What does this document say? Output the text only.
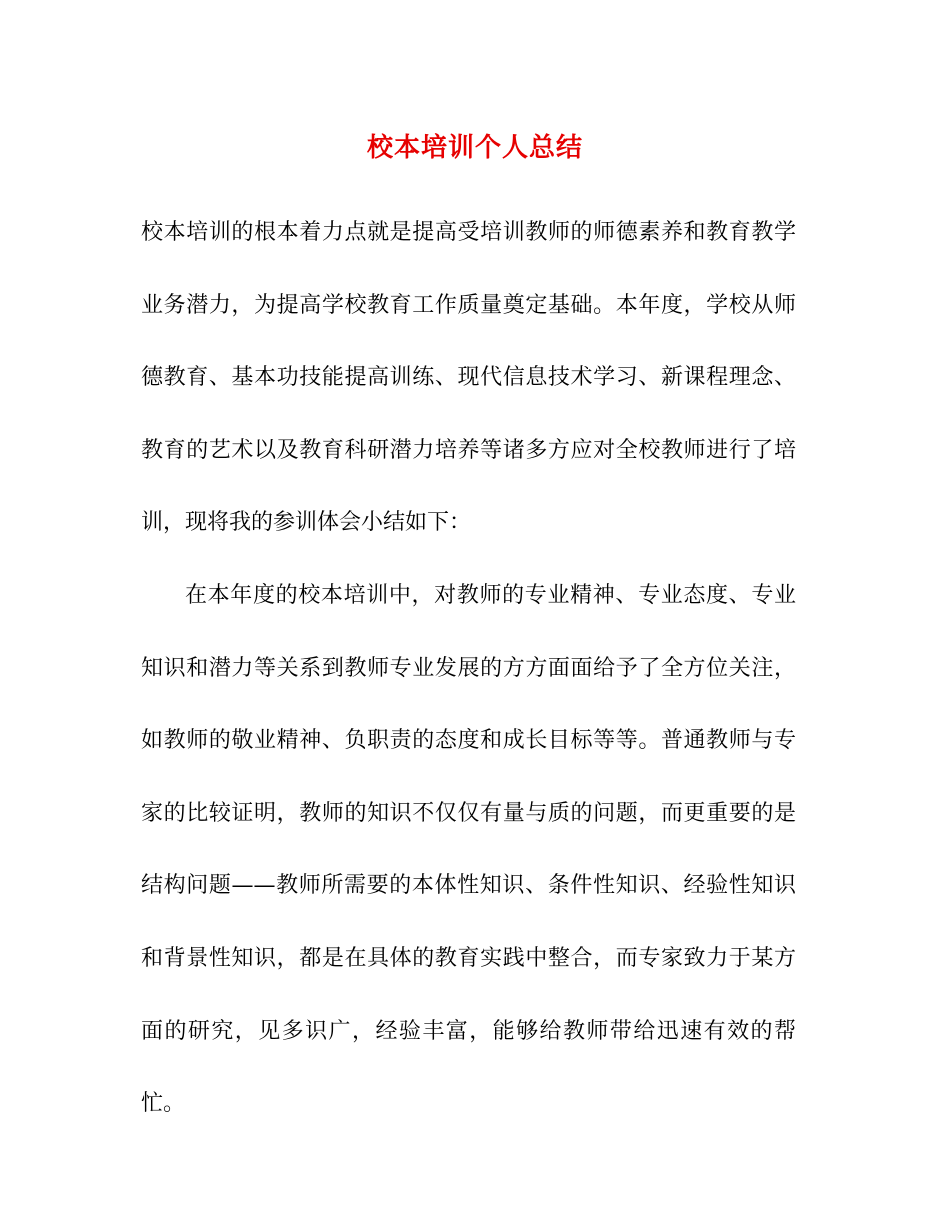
校本培训个人总结

校本培训的根本着力点就是提高受培训教师的师德素养和教育教学业务潜力，为提高学校教育工作质量奠定基础。本年度，学校从师德教育、基本功技能提高训练、现代信息技术学习、新课程理念、教育的艺术以及教育科研潜力培养等诸多方应对全校教师进行了培训，现将我的参训体会小结如下：

在本年度的校本培训中，对教师的专业精神、专业态度、专业知识和潜力等关系到教师专业发展的方方面面给予了全方位关注，如教师的敬业精神、负职责的态度和成长目标等等。普通教师与专家的比较证明，教师的知识不仅仅有量与质的问题，而更重要的是结构问题——教师所需要的本体性知识、条件性知识、经验性知识和背景性知识，都是在具体的教育实践中整合，而专家致力于某方面的研究，见多识广，经验丰富，能够给教师带给迅速有效的帮忙。
